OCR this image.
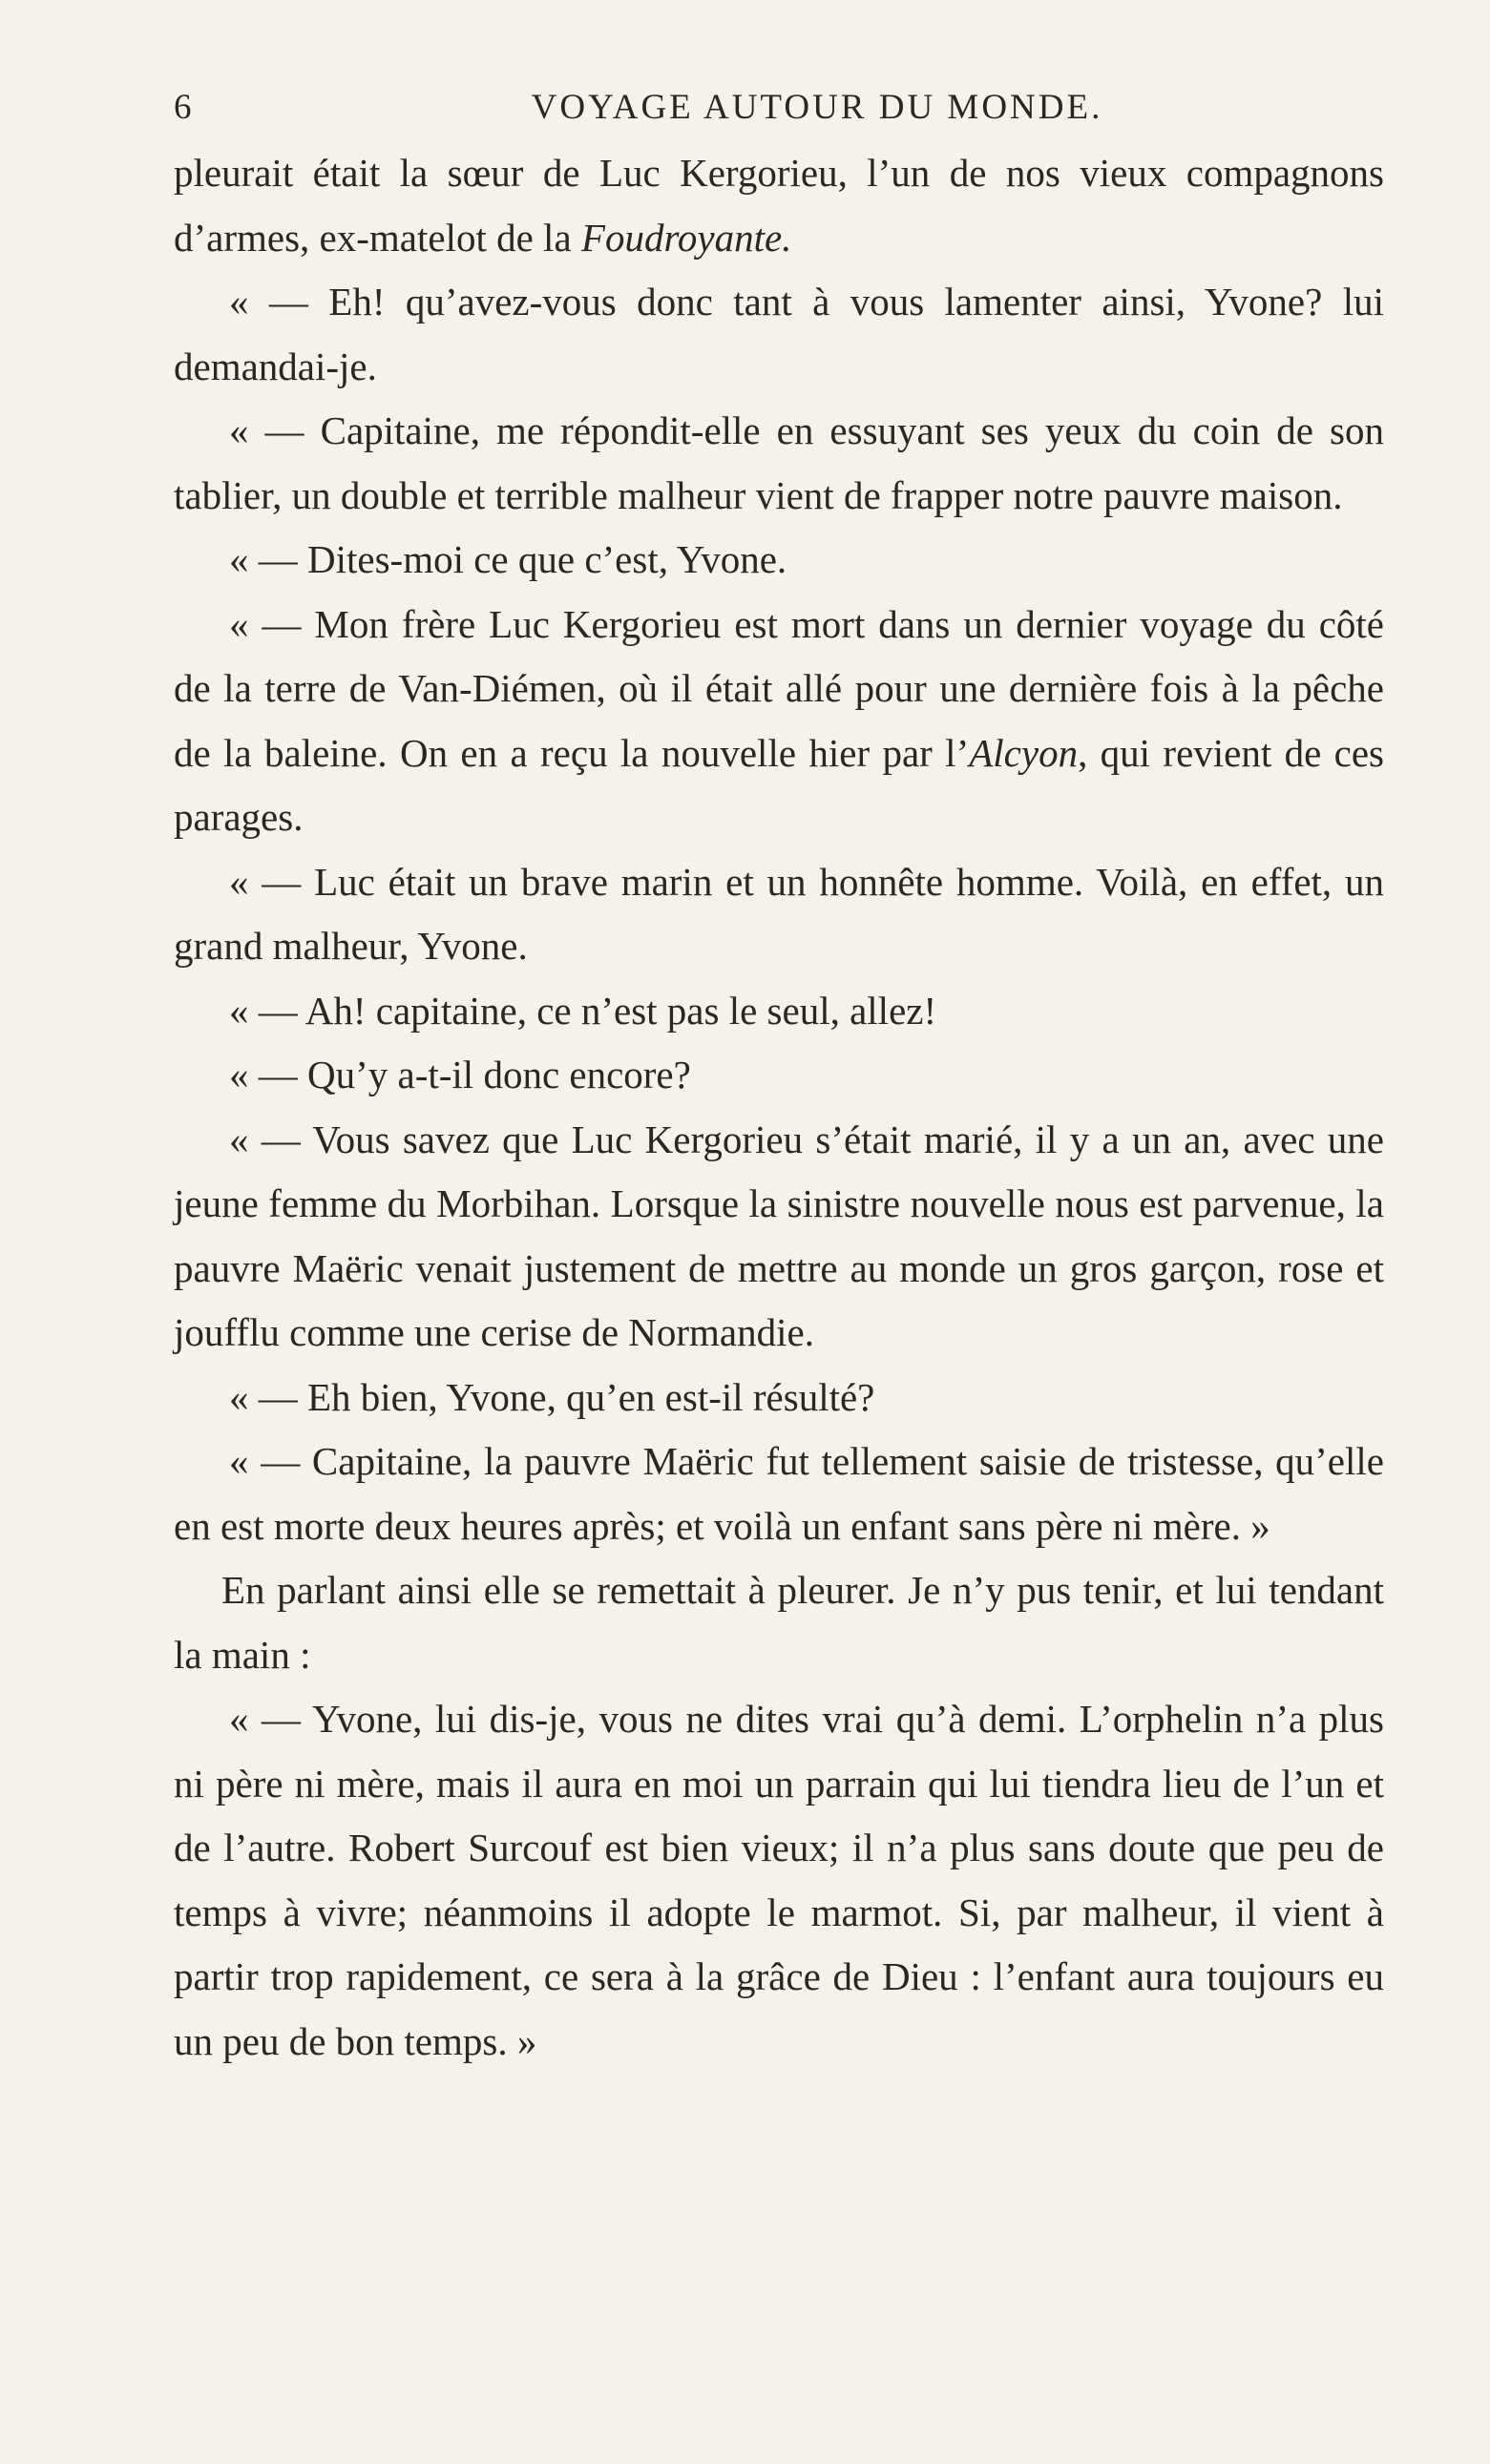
6	VOYAGE AUTOUR DU MONDE.

pleurait était la sœur de Luc Kergorieu, l’un de nos vieux compagnons d’armes, ex-matelot de la Foudroyante.

« — Eh! qu’avez-vous donc tant à vous lamenter ainsi, Yvone? lui demandai-je.

« — Capitaine, me répondit-elle en essuyant ses yeux du coin de son tablier, un double et terrible malheur vient de frapper notre pauvre maison.

« — Dites-moi ce que c’est, Yvone.

« — Mon frère Luc Kergorieu est mort dans un dernier voyage du côté de la terre de Van-Diémen, où il était allé pour une dernière fois à la pêche de la baleine. On en a reçu la nouvelle hier par l’Alcyon, qui revient de ces parages.

« — Luc était un brave marin et un honnête homme. Voilà, en effet, un grand malheur, Yvone.

« — Ah! capitaine, ce n’est pas le seul, allez!

« — Qu’y a-t-il donc encore?

« — Vous savez que Luc Kergorieu s’était marié, il y a un an, avec une jeune femme du Morbihan. Lorsque la sinistre nouvelle nous est parvenue, la pauvre Maëric venait justement de mettre au monde un gros garçon, rose et joufflu comme une cerise de Normandie.

« — Eh bien, Yvone, qu’en est-il résulté?

« — Capitaine, la pauvre Maëric fut tellement saisie de tristesse, qu’elle en est morte deux heures après; et voilà un enfant sans père ni mère. »

En parlant ainsi elle se remettait à pleurer. Je n’y pus tenir, et lui tendant la main :

« — Yvone, lui dis-je, vous ne dites vrai qu’à demi. L’orphelin n’a plus ni père ni mère, mais il aura en moi un parrain qui lui tiendra lieu de l’un et de l’autre. Robert Surcouf est bien vieux; il n’a plus sans doute que peu de temps à vivre; néanmoins il adopte le marmot. Si, par malheur, il vient à partir trop rapidement, ce sera à la grâce de Dieu : l’enfant aura toujours eu un peu de bon temps. »
